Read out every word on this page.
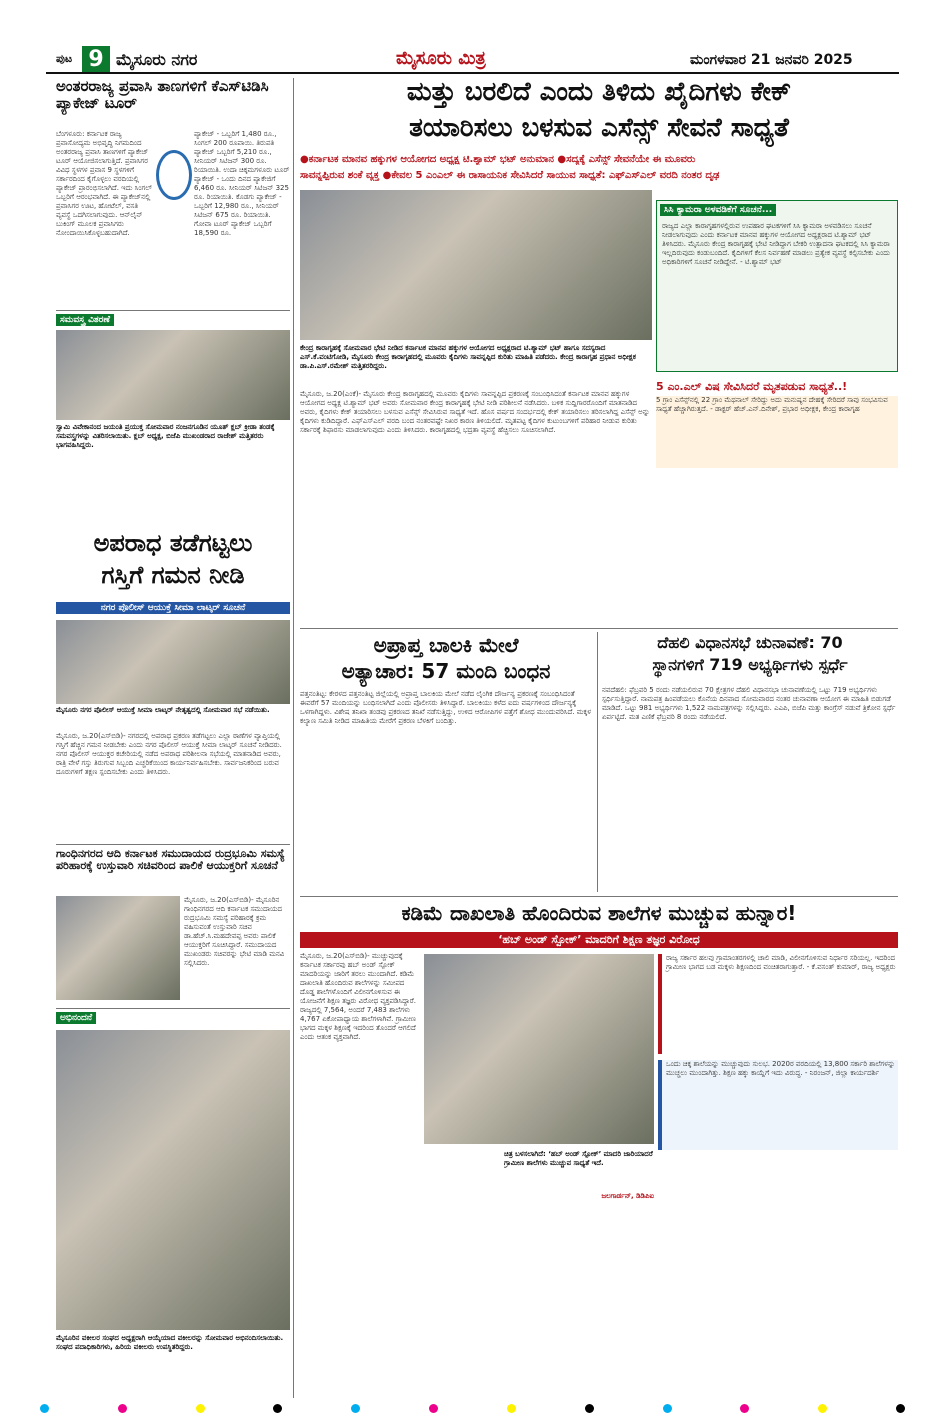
ಪುಟ 9 ಮೈಸೂರು ನಗರ	ಮೈಸೂರು ಮಿತ್ರ	ಮಂಗಳವಾರ 21 ಜನವರಿ 2025
ಅಂತರರಾಜ್ಯ ಪ್ರವಾಸಿ ತಾಣಗಳಿಗೆ ಕೆಎಸ್‌ಟಿಡಿಸಿ ಪ್ಯಾಕೇಜ್ ಟೂರ್
ಬೆಂಗಳೂರು: ಕರ್ನಾಟಕ ರಾಜ್ಯ ಪ್ರವಾಸೋದ್ಯಮ ಅಭಿವೃದ್ಧಿ ನಿಗಮದಿಂದ ಅಂತರರಾಜ್ಯ ಪ್ರವಾಸಿ ತಾಣಗಳಿಗೆ ಪ್ಯಾಕೇಜ್ ಟೂರ್ ಆಯೋಜಿಸಲಾಗುತ್ತಿದೆ. ಪ್ರವಾಸಿಗರ ವಿವಿಧ ಸ್ಥಳಗಳ ಪ್ರವಾಸ 9 ಸ್ಥಳಗಳಿಗೆ ಸರ್ಕಾರದಿಂದ ಕೈಗೊಳ್ಳಲು ವರದಿಯಲ್ಲಿ ಪ್ಯಾಕೇಜ್ ಪ್ರಾರಂಭಿಸಲಾಗಿದೆ. ಇದು ಸಿಂಗಲ್ ಒಬ್ಬರಿಗೆ ಆರಂಭವಾಗಿದೆ. ಈ ಪ್ಯಾಕೇಜ್‌ನಲ್ಲಿ ಪ್ರವಾಸಿಗರ ಊಟ, ಹೋಟೆಲ್, ವಸತಿ ವ್ಯವಸ್ಥೆ ಒದಗಿಸಲಾಗುವುದು. ಆನ್‌ಲೈನ್ ಬುಕಿಂಗ್ ಮೂಲಕ ಪ್ರವಾಸಿಗರು ನೋಂದಾಯಿಸಿಕೊಳ್ಳಬಹುದಾಗಿದೆ.
ಪ್ಯಾಕೇಜ್ - ಒಬ್ಬರಿಗೆ 1,480 ರೂ., ಸಿಂಗಲ್ 200 ರೂಪಾಯಿ. ತಿರುಪತಿ ಪ್ಯಾಕೇಜ್ ಒಬ್ಬರಿಗೆ 5,210 ರೂ., ಸೀನಿಯರ್ ಸಿಟಿಜನ್ 300 ರೂ. ರಿಯಾಯಿತಿ. ಉದಾ ಚಿಕ್ಕಮಗಳೂರು ಟೂರ್ ಪ್ಯಾಕೇಜ್ - ಒಂದು ದಿನದ ಪ್ಯಾಕೇಜಿಗೆ 6,460 ರೂ. ಸೀನಿಯರ್ ಸಿಟಿಜನ್ 325 ರೂ. ರಿಯಾಯಿತಿ. ಕೊಡಗು ಪ್ಯಾಕೇಜ್ - ಒಬ್ಬರಿಗೆ 12,980 ರೂ., ಸೀನಿಯರ್ ಸಿಟಿಜನ್ 675 ರೂ. ರಿಯಾಯಿತಿ. ಗೋವಾ ಟೂರ್ ಪ್ಯಾಕೇಜ್ ಒಬ್ಬರಿಗೆ 18,590 ರೂ.
ಸಮವಸ್ತ್ರ ವಿತರಣೆ
ಸ್ವಾಮಿ ವಿವೇಕಾನಂದ ಜಯಂತಿ ಪ್ರಯುಕ್ತ ಸೋಮವಾರ ನಂಜನಗೂಡಿನ ಯೂತ್ ಕ್ಲಬ್ ಕ್ರೀಡಾ ತಂಡಕ್ಕೆ ಸಮವಸ್ತ್ರಗಳನ್ನು ವಿತರಿಸಲಾಯಿತು. ಕ್ಲಬ್ ಅಧ್ಯಕ್ಷ, ಬಿಜೆಪಿ ಮುಖಂಡರಾದ ರಾಜೇಶ್ ಮತ್ತಿತರರು ಭಾಗವಹಿಸಿದ್ದರು.
ಅಪರಾಧ ತಡೆಗಟ್ಟಲು
ಗಸ್ತಿಗೆ ಗಮನ ನೀಡಿ
ನಗರ ಪೊಲೀಸ್ ಆಯುಕ್ತೆ ಸೀಮಾ ಲಾಟ್ಕರ್ ಸೂಚನೆ
ಮೈಸೂರು ನಗರ ಪೊಲೀಸ್ ಆಯುಕ್ತೆ ಸೀಮಾ ಲಾಟ್ಕರ್ ನೇತೃತ್ವದಲ್ಲಿ ಸೋಮವಾರ ಸಭೆ ನಡೆಯಿತು.
ಮೈಸೂರು, ಜ.20(ಎಸ್‌ಬಿಡಿ)- ನಗರದಲ್ಲಿ ಅಪರಾಧ ಪ್ರಕರಣ ತಡೆಗಟ್ಟಲು ಎಲ್ಲಾ ಠಾಣೆಗಳ ವ್ಯಾಪ್ತಿಯಲ್ಲಿ ಗಸ್ತಿಗೆ ಹೆಚ್ಚಿನ ಗಮನ ನೀಡಬೇಕು ಎಂದು ನಗರ ಪೊಲೀಸ್ ಆಯುಕ್ತೆ ಸೀಮಾ ಲಾಟ್ಕರ್ ಸೂಚನೆ ನೀಡಿದರು. ನಗರ ಪೊಲೀಸ್ ಆಯುಕ್ತರ ಕಚೇರಿಯಲ್ಲಿ ನಡೆದ ಅಪರಾಧ ಪರಿಶೀಲನಾ ಸಭೆಯಲ್ಲಿ ಮಾತನಾಡಿದ ಅವರು, ರಾತ್ರಿ ವೇಳೆ ಗಸ್ತು ತಿರುಗುವ ಸಿಬ್ಬಂದಿ ಎಚ್ಚರಿಕೆಯಿಂದ ಕಾರ್ಯನಿರ್ವಹಿಸಬೇಕು. ಸಾರ್ವಜನಿಕರಿಂದ ಬರುವ ದೂರುಗಳಿಗೆ ತಕ್ಷಣ ಸ್ಪಂದಿಸಬೇಕು ಎಂದು ತಿಳಿಸಿದರು.
ಗಾಂಧಿನಗರದ ಆದಿ ಕರ್ನಾಟಕ ಸಮುದಾಯದ ರುದ್ರಭೂಮಿ ಸಮಸ್ಯೆ ಪರಿಹಾರಕ್ಕೆ ಉಸ್ತುವಾರಿ ಸಚಿವರಿಂದ ಪಾಲಿಕೆ ಆಯುಕ್ತರಿಗೆ ಸೂಚನೆ
ಮೈಸೂರು, ಜ.20(ಎಸ್‌ಬಿಡಿ)- ಮೈಸೂರಿನ ಗಾಂಧಿನಗರದ ಆದಿ ಕರ್ನಾಟಕ ಸಮುದಾಯದ ರುದ್ರಭೂಮಿ ಸಮಸ್ಯೆ ಪರಿಹಾರಕ್ಕೆ ಕ್ರಮ ವಹಿಸುವಂತೆ ಉಸ್ತುವಾರಿ ಸಚಿವ ಡಾ.ಹೆಚ್.ಸಿ.ಮಹದೇವಪ್ಪ ಅವರು ಪಾಲಿಕೆ ಆಯುಕ್ತರಿಗೆ ಸೂಚಿಸಿದ್ದಾರೆ. ಸಮುದಾಯದ ಮುಖಂಡರು ಸಚಿವರನ್ನು ಭೇಟಿ ಮಾಡಿ ಮನವಿ ಸಲ್ಲಿಸಿದರು.
ಅಭಿನಂದನೆ
ಮೈಸೂರಿನ ವಕೀಲರ ಸಂಘದ ಅಧ್ಯಕ್ಷರಾಗಿ ಆಯ್ಕೆಯಾದ ವಕೀಲರನ್ನು ಸೋಮವಾರ ಅಭಿನಂದಿಸಲಾಯಿತು. ಸಂಘದ ಪದಾಧಿಕಾರಿಗಳು, ಹಿರಿಯ ವಕೀಲರು ಉಪಸ್ಥಿತರಿದ್ದರು.
ಮತ್ತು ಬರಲಿದೆ ಎಂದು ತಿಳಿದು ಖೈದಿಗಳು ಕೇಕ್
ತಯಾರಿಸಲು ಬಳಸುವ ಎಸೆನ್ಸ್ ಸೇವನೆ ಸಾಧ್ಯತೆ
●ಕರ್ನಾಟಕ ಮಾನವ ಹಕ್ಕುಗಳ ಆಯೋಗದ ಅಧ್ಯಕ್ಷ ಟಿ.ಶ್ಯಾಮ್ ಭಟ್ ಅನುಮಾನ ●ಸದ್ಯಕ್ಕೆ ಎಸೆನ್ಸ್ ಸೇವನೆಯೇ ಈ ಮೂವರು
ಸಾವನ್ನಪ್ಪಿರುವ ಶಂಕೆ ವ್ಯಕ್ತ ●ಕೇವಲ 5 ಎಂಎಲ್ ಈ ರಾಸಾಯನಿಕ ಸೇವಿಸಿದರೆ ಸಾಯುವ ಸಾಧ್ಯತೆ: ಎಫ್‌ಎಸ್‌ಎಲ್ ವರದಿ ನಂತರ ದೃಢ
ಕೇಂದ್ರ ಕಾರಾಗೃಹಕ್ಕೆ ಸೋಮವಾರ ಭೇಟಿ ನೀಡಿದ ಕರ್ನಾಟಕ ಮಾನವ ಹಕ್ಕುಗಳ ಆಯೋಗದ ಅಧ್ಯಕ್ಷರಾದ ಟಿ.ಶ್ಯಾಮ್ ಭಟ್ ಹಾಗೂ ಸದಸ್ಯರಾದ ಎಸ್.ಕೆ.ವಂಟಿಗೋಡಿ, ಮೈಸೂರು ಕೇಂದ್ರ ಕಾರಾಗೃಹದಲ್ಲಿ ಮೂವರು ಕೈದಿಗಳು ಸಾವನ್ನಪ್ಪಿದ ಕುರಿತು ಮಾಹಿತಿ ಪಡೆದರು. ಕೇಂದ್ರ ಕಾರಾಗೃಹ ಪ್ರಧಾನ ಅಧೀಕ್ಷಕ ಡಾ.ಪಿ.ಎಸ್.ರಮೇಶ್ ಮತ್ತಿತರರಿದ್ದರು.
ಸಿಸಿ ಕ್ಯಾಮರಾ ಅಳವಡಿಕೆಗೆ ಸೂಚನೆ...
ರಾಜ್ಯದ ಎಲ್ಲಾ ಕಾರಾಗೃಹಗಳಲ್ಲಿರುವ ಉಪಹಾರ ಘಟಕಗಳಿಗೆ ಸಿಸಿ ಕ್ಯಾಮರಾ ಅಳವಡಿಸಲು ಸೂಚನೆ ನೀಡಲಾಗುವುದು ಎಂದು ಕರ್ನಾಟಕ ಮಾನವ ಹಕ್ಕುಗಳ ಆಯೋಗದ ಅಧ್ಯಕ್ಷರಾದ ಟಿ.ಶ್ಯಾಮ್ ಭಟ್ ತಿಳಿಸಿದರು. ಮೈಸೂರು ಕೇಂದ್ರ ಕಾರಾಗೃಹಕ್ಕೆ ಭೇಟಿ ನೀಡಿದ್ದಾಗ ಬೇಕರಿ ಉತ್ಪಾದನಾ ಘಟಕದಲ್ಲಿ ಸಿಸಿ ಕ್ಯಾಮರಾ ಇಲ್ಲದಿರುವುದು ಕಂಡುಬಂದಿದೆ. ಕೈದಿಗಳಿಗೆ ಕೆಲಸ ನಿರ್ವಹಣೆ ಮಾಡಲು ಪ್ರತ್ಯೇಕ ವ್ಯವಸ್ಥೆ ಕಲ್ಪಿಸಬೇಕು ಎಂದು ಅಧಿಕಾರಿಗಳಿಗೆ ಸೂಚನೆ ನೀಡಿದ್ದೇನೆ. - ಟಿ.ಶ್ಯಾಮ್ ಭಟ್
5 ಎಂ.ಎಲ್ ವಿಷ ಸೇವಿಸಿದರೆ ಮೃತಪಡುವ ಸಾಧ್ಯತೆ..!
5 ಗ್ರಾಂ ಎಸೆನ್ಸ್‌ನಲ್ಲಿ 22 ಗ್ರಾಂ ಮೆಥನಾಲ್ ಸೇರಿದ್ದು ಅದು ಮನುಷ್ಯನ ದೇಹಕ್ಕೆ ಸೇರಿದರೆ ಸಾವು ಸಂಭವಿಸುವ ಸಾಧ್ಯತೆ ಹೆಚ್ಚಾಗಿರುತ್ತದೆ. - ಡಾಕ್ಟರ್ ಹೆಚ್.ಎನ್.ದಿನೇಶ್, ಪ್ರಭಾರ ಅಧೀಕ್ಷಕ, ಕೇಂದ್ರ ಕಾರಾಗೃಹ
ಮೈಸೂರು, ಜ.20(ಎಂಕೆ)- ಮೈಸೂರು ಕೇಂದ್ರ ಕಾರಾಗೃಹದಲ್ಲಿ ಮೂವರು ಕೈದಿಗಳು ಸಾವನ್ನಪ್ಪಿದ ಪ್ರಕರಣಕ್ಕೆ ಸಂಬಂಧಿಸಿದಂತೆ ಕರ್ನಾಟಕ ಮಾನವ ಹಕ್ಕುಗಳ ಆಯೋಗದ ಅಧ್ಯಕ್ಷ ಟಿ.ಶ್ಯಾಮ್ ಭಟ್ ಅವರು ಸೋಮವಾರ ಕೇಂದ್ರ ಕಾರಾಗೃಹಕ್ಕೆ ಭೇಟಿ ನೀಡಿ ಪರಿಶೀಲನೆ ನಡೆಸಿದರು. ಬಳಿಕ ಸುದ್ದಿಗಾರರೊಂದಿಗೆ ಮಾತನಾಡಿದ ಅವರು, ಕೈದಿಗಳು ಕೇಕ್ ತಯಾರಿಸಲು ಬಳಸುವ ಎಸೆನ್ಸ್ ಸೇವಿಸಿರುವ ಸಾಧ್ಯತೆ ಇದೆ. ಹೊಸ ವರ್ಷದ ಸಂದರ್ಭದಲ್ಲಿ ಕೇಕ್ ತಯಾರಿಸಲು ತರಿಸಲಾಗಿದ್ದ ಎಸೆನ್ಸ್ ಅನ್ನು ಕೈದಿಗಳು ಕುಡಿದಿದ್ದಾರೆ. ಎಫ್‌ಎಸ್‌ಎಲ್ ವರದಿ ಬಂದ ನಂತರವಷ್ಟೇ ನಿಖರ ಕಾರಣ ತಿಳಿಯಲಿದೆ. ಮೃತಪಟ್ಟ ಕೈದಿಗಳ ಕುಟುಂಬಗಳಿಗೆ ಪರಿಹಾರ ನೀಡುವ ಕುರಿತು ಸರ್ಕಾರಕ್ಕೆ ಶಿಫಾರಸು ಮಾಡಲಾಗುವುದು ಎಂದು ತಿಳಿಸಿದರು. ಕಾರಾಗೃಹದಲ್ಲಿ ಭದ್ರತಾ ವ್ಯವಸ್ಥೆ ಹೆಚ್ಚಿಸಲು ಸೂಚಿಸಲಾಗಿದೆ.
ಅಪ್ರಾಪ್ತ ಬಾಲಕಿ ಮೇಲೆ
ಅತ್ಯಾಚಾರ: 57 ಮಂದಿ ಬಂಧನ
ಪತ್ತನಂತಿಟ್ಟ: ಕೇರಳದ ಪತ್ತನಂತಿಟ್ಟ ಜಿಲ್ಲೆಯಲ್ಲಿ ಅಪ್ರಾಪ್ತ ಬಾಲಕಿಯ ಮೇಲೆ ನಡೆದ ಲೈಂಗಿಕ ದೌರ್ಜನ್ಯ ಪ್ರಕರಣಕ್ಕೆ ಸಂಬಂಧಿಸಿದಂತೆ ಈವರೆಗೆ 57 ಮಂದಿಯನ್ನು ಬಂಧಿಸಲಾಗಿದೆ ಎಂದು ಪೊಲೀಸರು ತಿಳಿಸಿದ್ದಾರೆ. ಬಾಲಕಿಯು ಕಳೆದ ಐದು ವರ್ಷಗಳಿಂದ ದೌರ್ಜನ್ಯಕ್ಕೆ ಒಳಗಾಗಿದ್ದಳು. ವಿಶೇಷ ತನಿಖಾ ತಂಡವು ಪ್ರಕರಣದ ತನಿಖೆ ನಡೆಸುತ್ತಿದ್ದು, ಉಳಿದ ಆರೋಪಿಗಳ ಪತ್ತೆಗೆ ಶೋಧ ಮುಂದುವರಿಸಿದೆ. ಮಕ್ಕಳ ಕಲ್ಯಾಣ ಸಮಿತಿ ನೀಡಿದ ಮಾಹಿತಿಯ ಮೇರೆಗೆ ಪ್ರಕರಣ ಬೆಳಕಿಗೆ ಬಂದಿತ್ತು.
ದೆಹಲಿ ವಿಧಾನಸಭೆ ಚುನಾವಣೆ: 70
ಸ್ಥಾನಗಳಿಗೆ 719 ಅಭ್ಯರ್ಥಿಗಳು ಸ್ಪರ್ಧೆ
ನವದೆಹಲಿ: ಫೆಬ್ರವರಿ 5 ರಂದು ನಡೆಯಲಿರುವ 70 ಕ್ಷೇತ್ರಗಳ ದೆಹಲಿ ವಿಧಾನಸಭಾ ಚುನಾವಣೆಯಲ್ಲಿ ಒಟ್ಟು 719 ಅಭ್ಯರ್ಥಿಗಳು ಸ್ಪರ್ಧಿಸುತ್ತಿದ್ದಾರೆ. ನಾಮಪತ್ರ ಹಿಂಪಡೆಯಲು ಕೊನೆಯ ದಿನವಾದ ಸೋಮವಾರದ ನಂತರ ಚುನಾವಣಾ ಆಯೋಗ ಈ ಮಾಹಿತಿ ಬಿಡುಗಡೆ ಮಾಡಿದೆ. ಒಟ್ಟು 981 ಅಭ್ಯರ್ಥಿಗಳು 1,522 ನಾಮಪತ್ರಗಳನ್ನು ಸಲ್ಲಿಸಿದ್ದರು. ಎಎಪಿ, ಬಿಜೆಪಿ ಮತ್ತು ಕಾಂಗ್ರೆಸ್ ನಡುವೆ ತ್ರಿಕೋನ ಸ್ಪರ್ಧೆ ಏರ್ಪಟ್ಟಿದೆ. ಮತ ಎಣಿಕೆ ಫೆಬ್ರವರಿ 8 ರಂದು ನಡೆಯಲಿದೆ.
ಕಡಿಮೆ ದಾಖಲಾತಿ ಹೊಂದಿರುವ ಶಾಲೆಗಳ ಮುಚ್ಚುವ ಹುನ್ನಾರ!
‘ಹಬ್ ಅಂಡ್ ಸ್ಪೋಕ್’ ಮಾದರಿಗೆ ಶಿಕ್ಷಣ ತಜ್ಞರ ವಿರೋಧ
ಮೈಸೂರು, ಜ.20(ಎಸ್‌ಬಿಡಿ)- ಮುಚ್ಚುವುದಕ್ಕೆ ಕರ್ನಾಟಕ ಸರ್ಕಾರವು ಹಬ್ ಅಂಡ್ ಸ್ಪೋಕ್ ಮಾದರಿಯನ್ನು ಜಾರಿಗೆ ತರಲು ಮುಂದಾಗಿದೆ. ಕಡಿಮೆ ದಾಖಲಾತಿ ಹೊಂದಿರುವ ಶಾಲೆಗಳನ್ನು ಸಮೀಪದ ದೊಡ್ಡ ಶಾಲೆಗಳೊಂದಿಗೆ ವಿಲೀನಗೊಳಿಸುವ ಈ ಯೋಜನೆಗೆ ಶಿಕ್ಷಣ ತಜ್ಞರು ವಿರೋಧ ವ್ಯಕ್ತಪಡಿಸಿದ್ದಾರೆ. ರಾಜ್ಯದಲ್ಲಿ 7,564, ಅಂದರೆ 7,483 ಶಾಲೆಗಳು 4,767 ಏಕೋಪಾಧ್ಯಾಯ ಶಾಲೆಗಳಾಗಿವೆ. ಗ್ರಾಮೀಣ ಭಾಗದ ಮಕ್ಕಳ ಶಿಕ್ಷಣಕ್ಕೆ ಇದರಿಂದ ತೊಂದರೆ ಆಗಲಿದೆ ಎಂದು ಆತಂಕ ವ್ಯಕ್ತವಾಗಿದೆ.
ಚಿತ್ರ ಬಳಸಲಾಗಿದೆ: ‘ಹಬ್ ಅಂಡ್ ಸ್ಪೋಕ್’ ಮಾದರಿ ಜಾರಿಯಾದರೆ ಗ್ರಾಮೀಣ ಶಾಲೆಗಳು ಮುಚ್ಚುವ ಸಾಧ್ಯತೆ ಇದೆ.
ಜಲಗಾರ್ಡನ್, ಡಿಡಿಪಿಐ
ರಾಜ್ಯ ಸರ್ಕಾರ ಹಲವು ಗ್ರಾಮಾಂತರಗಳಲ್ಲಿ ಚಾಲಿ ಮಾಡಿ, ವಿಲೀನಗೊಳಿಸುವ ನಿರ್ಧಾರ ಸರಿಯಲ್ಲ. ಇದರಿಂದ ಗ್ರಾಮೀಣ ಭಾಗದ ಬಡ ಮಕ್ಕಳು ಶಿಕ್ಷಣದಿಂದ ವಂಚಿತರಾಗುತ್ತಾರೆ. - ಕೆ.ವಸಂತ್ ಕುಮಾರ್, ರಾಜ್ಯ ಅಧ್ಯಕ್ಷರು
ಒಂದು ಚಿಕ್ಕ ಶಾಲೆಯನ್ನು ಮುಚ್ಚುವುದು ಸುಲಭ. 2020ರ ವರದಿಯಲ್ಲಿ 13,800 ಸರ್ಕಾರಿ ಶಾಲೆಗಳನ್ನು ಮುಚ್ಚಲು ಮುಂದಾಗಿತ್ತು. ಶಿಕ್ಷಣ ಹಕ್ಕು ಕಾಯ್ದೆಗೆ ಇದು ವಿರುದ್ಧ. - ನಿರಂಜನ್, ಜಿಲ್ಲಾ ಕಾರ್ಯದರ್ಶಿ
